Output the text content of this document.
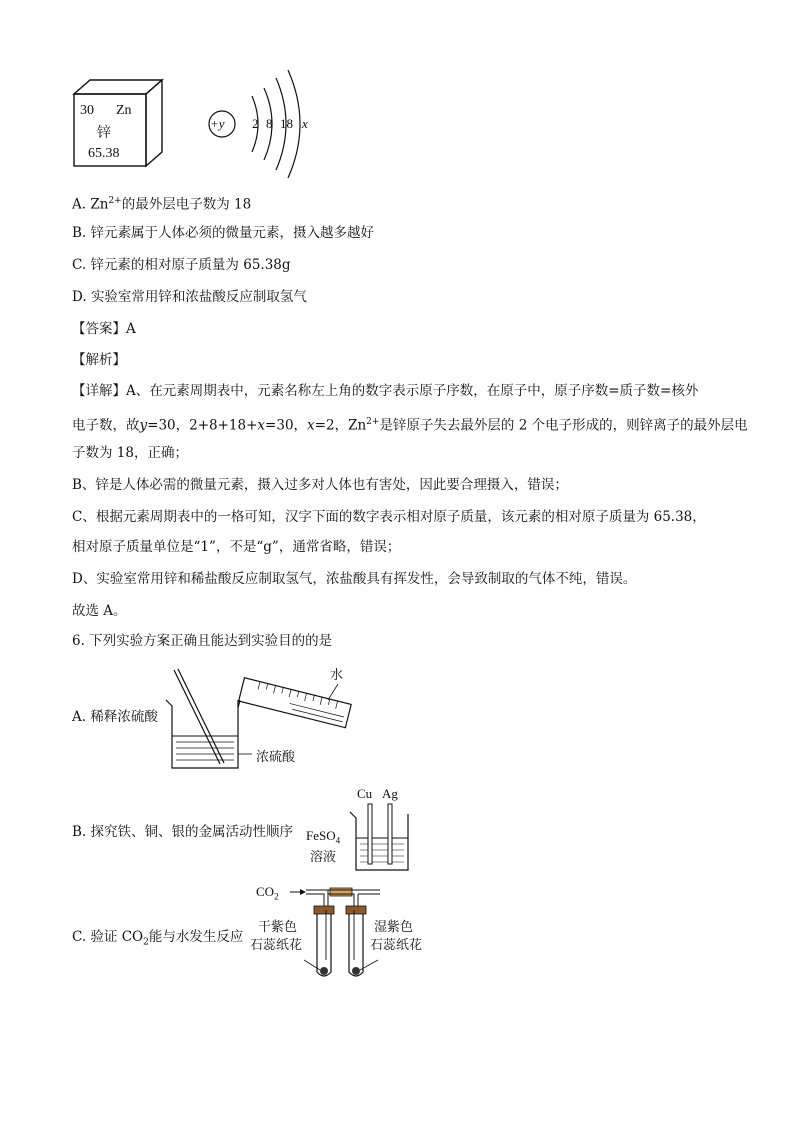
30 Zn
锌
65.38
+y 2 8 18 x
A. $Zn^{2+}$的最外层电子数为 18
B. 锌元素属于人体必须的微量元素，摄入越多越好
C. 锌元素的相对原子质量为 65.38g
D. 实验室常用锌和浓盐酸反应制取氢气
【答案】A
【解析】
【详解】A、在元素周期表中，元素名称左上角的数字表示原子序数，在原子中，原子序数=质子数=核外
电子数，故y=30，2+8+18+x=30，x=2，$Zn^{2+}$是锌原子失去最外层的 2 个电子形成的，则锌离子的最外层电
子数为 18，正确；
B、锌是人体必需的微量元素，摄入过多对人体也有害处，因此要合理摄入，错误；
C、根据元素周期表中的一格可知，汉字下面的数字表示相对原子质量，该元素的相对原子质量为 65.38，
相对原子质量单位是“1”，不是“g”，通常省略，错误；
D、实验室常用锌和稀盐酸反应制取氢气，浓盐酸具有挥发性，会导致制取的气体不纯，错误。
故选 A。
6. 下列实验方案正确且能达到实验目的的是
水
浓硫酸
A. 稀释浓硫酸
Cu Ag
FeSO$_4$
溶液
B. 探究铁、铜、银的金属活动性顺序
$CO_2$
干紫色
石蕊纸花
湿紫色
石蕊纸花
C. 验证 $CO_2$能与水发生反应
